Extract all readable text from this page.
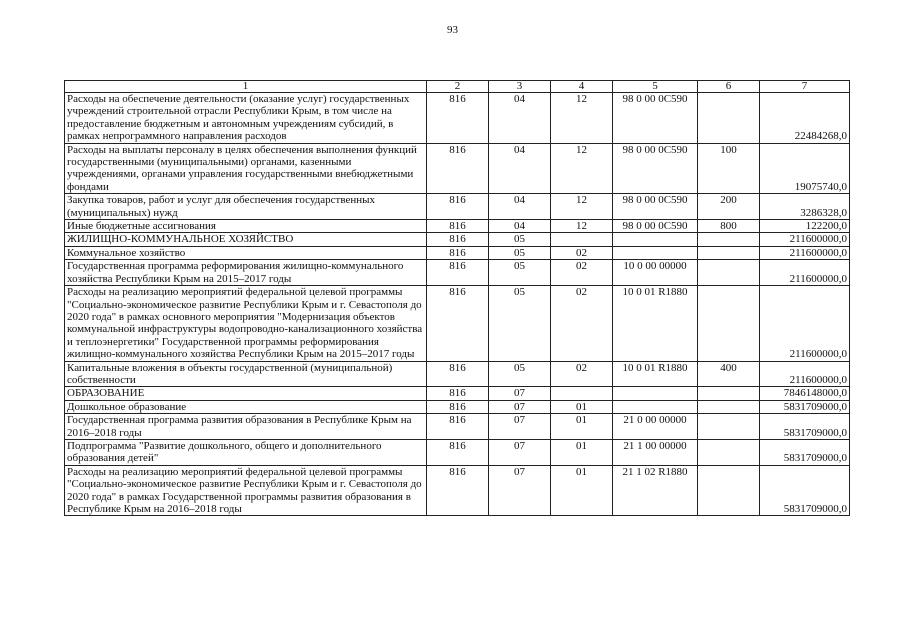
93
1	2	3	4	5	6	7
Расходы на обеспечение деятельности (оказание услуг) государственных учреждений строительной отрасли Республики Крым, в том числе на предоставление бюджетным и автономным учреждениям субсидий, в рамках непрограммного направления расходов	816	04	12	98 0 00 0С590		22484268,0
Расходы на выплаты персоналу в целях обеспечения выполнения функций государственными (муниципальными) органами, казенными учреждениями, органами управления государственными внебюджетными фондами	816	04	12	98 0 00 0С590	100	19075740,0
Закупка товаров, работ и услуг для обеспечения государственных (муниципальных) нужд	816	04	12	98 0 00 0С590	200	3286328,0
Иные бюджетные ассигнования	816	04	12	98 0 00 0С590	800	122200,0
ЖИЛИЩНО-КОММУНАЛЬНОЕ ХОЗЯЙСТВО	816	05				211600000,0
Коммунальное хозяйство	816	05	02			211600000,0
Государственная программа реформирования жилищно-коммунального хозяйства Республики Крым на 2015–2017 годы	816	05	02	10 0 00 00000		211600000,0
Расходы на реализацию мероприятий федеральной целевой программы "Социально-экономическое развитие Республики Крым и г. Севастополя до 2020 года" в рамках основного мероприятия "Модернизация объектов коммунальной инфраструктуры водопроводно-канализационного хозяйства и теплоэнергетики" Государственной программы реформирования жилищно-коммунального хозяйства Республики Крым на 2015–2017 годы	816	05	02	10 0 01 R1880		211600000,0
Капитальные вложения в объекты государственной (муниципальной) собственности	816	05	02	10 0 01 R1880	400	211600000,0
ОБРАЗОВАНИЕ	816	07				7846148000,0
Дошкольное образование	816	07	01			5831709000,0
Государственная программа развития образования в Республике Крым на 2016–2018 годы	816	07	01	21 0 00 00000		5831709000,0
Подпрограмма "Развитие дошкольного, общего и дополнительного образования детей"	816	07	01	21 1 00 00000		5831709000,0
Расходы на реализацию мероприятий федеральной целевой программы "Социально-экономическое развитие Республики Крым и г. Севастополя до 2020 года" в рамках Государственной программы развития образования в Республике Крым на 2016–2018 годы	816	07	01	21 1 02 R1880		5831709000,0
